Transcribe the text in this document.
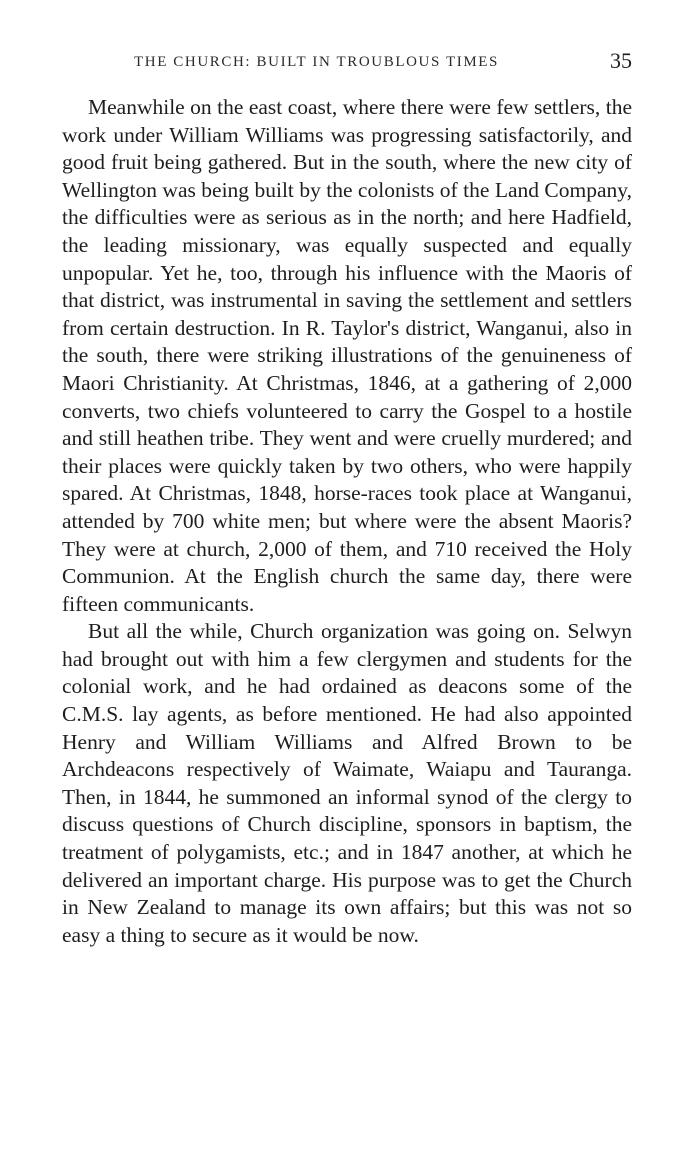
THE CHURCH: BUILT IN TROUBLOUS TIMES	35

Meanwhile on the east coast, where there were few settlers, the work under William Williams was progressing satisfactorily, and good fruit being gathered. But in the south, where the new city of Wellington was being built by the colonists of the Land Company, the difficulties were as serious as in the north; and here Hadfield, the leading missionary, was equally suspected and equally unpopular. Yet he, too, through his influence with the Maoris of that district, was instrumental in saving the settlement and settlers from certain destruction. In R. Taylor's district, Wanganui, also in the south, there were striking illustrations of the genuineness of Maori Christianity. At Christmas, 1846, at a gathering of 2,000 converts, two chiefs volunteered to carry the Gospel to a hostile and still heathen tribe. They went and were cruelly murdered; and their places were quickly taken by two others, who were happily spared. At Christmas, 1848, horse-races took place at Wanganui, attended by 700 white men; but where were the absent Maoris? They were at church, 2,000 of them, and 710 received the Holy Communion. At the English church the same day, there were fifteen communicants.

But all the while, Church organization was going on. Selwyn had brought out with him a few clergymen and students for the colonial work, and he had ordained as deacons some of the C.M.S. lay agents, as before mentioned. He had also appointed Henry and William Williams and Alfred Brown to be Archdeacons respectively of Waimate, Waiapu and Tauranga. Then, in 1844, he summoned an informal synod of the clergy to discuss questions of Church discipline, sponsors in baptism, the treatment of polygamists, etc.; and in 1847 another, at which he delivered an important charge. His purpose was to get the Church in New Zealand to manage its own affairs; but this was not so easy a thing to secure as it would be now.
